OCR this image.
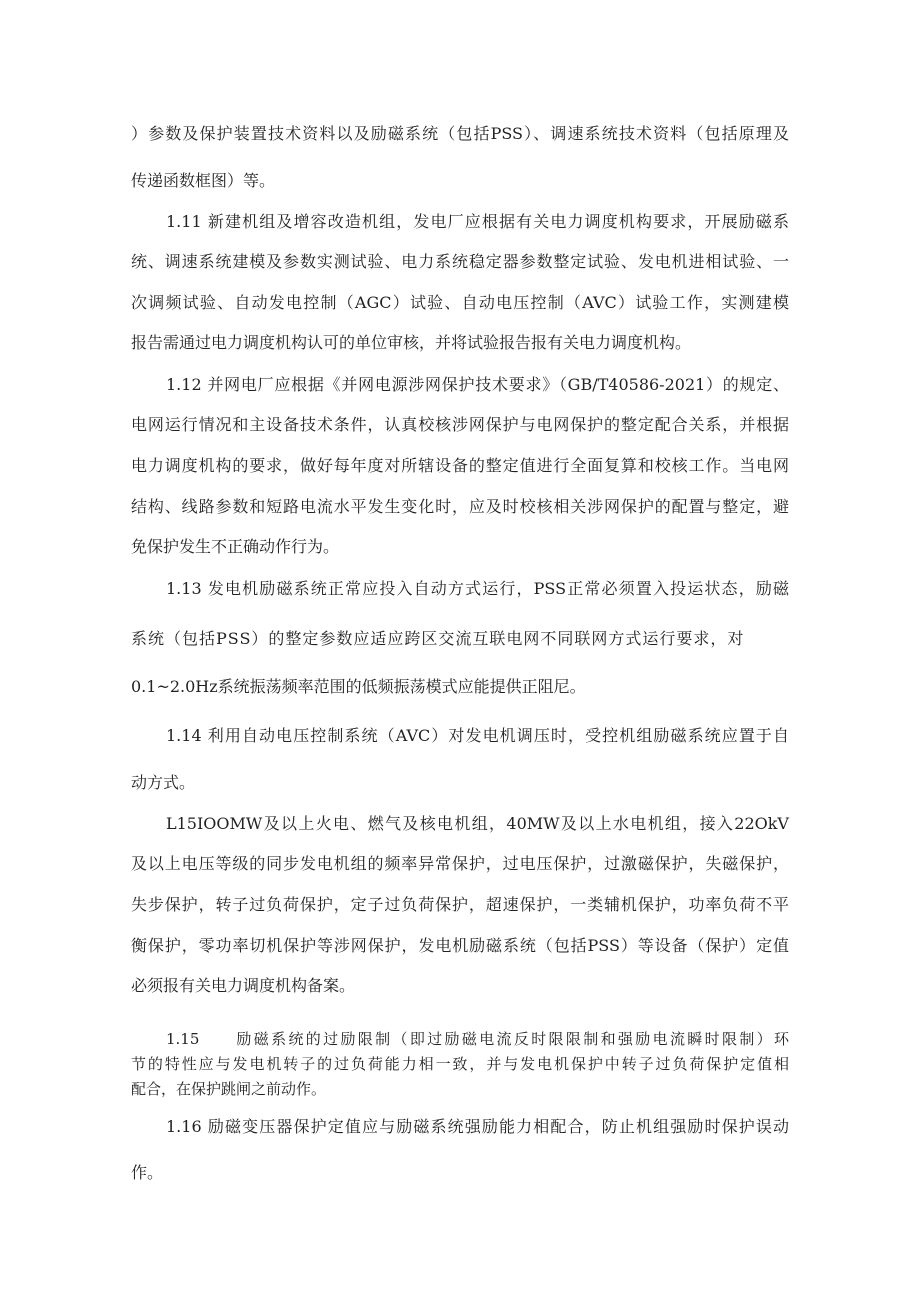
）参数及保护装置技术资料以及励磁系统（包括PSS）、调速系统技术资料（包括原理及

传递函数框图）等。

1.11 新建机组及增容改造机组，发电厂应根据有关电力调度机构要求，开展励磁系

统、调速系统建模及参数实测试验、电力系统稳定器参数整定试验、发电机进相试验、一

次调频试验、自动发电控制（AGC）试验、自动电压控制（AVC）试验工作，实测建模

报告需通过电力调度机构认可的单位审核，并将试验报告报有关电力调度机构。

1.12 并网电厂应根据《并网电源涉网保护技术要求》（GB/T40586-2021）的规定、

电网运行情况和主设备技术条件，认真校核涉网保护与电网保护的整定配合关系，并根据

电力调度机构的要求，做好每年度对所辖设备的整定值进行全面复算和校核工作。当电网

结构、线路参数和短路电流水平发生变化时，应及时校核相关涉网保护的配置与整定，避

免保护发生不正确动作行为。

1.13 发电机励磁系统正常应投入自动方式运行，PSS正常必须置入投运状态，励磁

系统（包括PSS）的整定参数应适应跨区交流互联电网不同联网方式运行要求，对

0.1~2.0Hz系统振荡频率范围的低频振荡模式应能提供正阻尼。

1.14 利用自动电压控制系统（AVC）对发电机调压时，受控机组励磁系统应置于自

动方式。

L15IOOMW及以上火电、燃气及核电机组，40MW及以上水电机组，接入22OkV

及以上电压等级的同步发电机组的频率异常保护，过电压保护，过激磁保护，失磁保护，

失步保护，转子过负荷保护，定子过负荷保护，超速保护，一类辅机保护，功率负荷不平

衡保护，零功率切机保护等涉网保护，发电机励磁系统（包括PSS）等设备（保护）定值

必须报有关电力调度机构备案。

1.15　　励磁系统的过励限制（即过励磁电流反时限限制和强励电流瞬时限制）环

节的特性应与发电机转子的过负荷能力相一致，并与发电机保护中转子过负荷保护定值相

配合，在保护跳闸之前动作。

1.16 励磁变压器保护定值应与励磁系统强励能力相配合，防止机组强励时保护误动

作。
